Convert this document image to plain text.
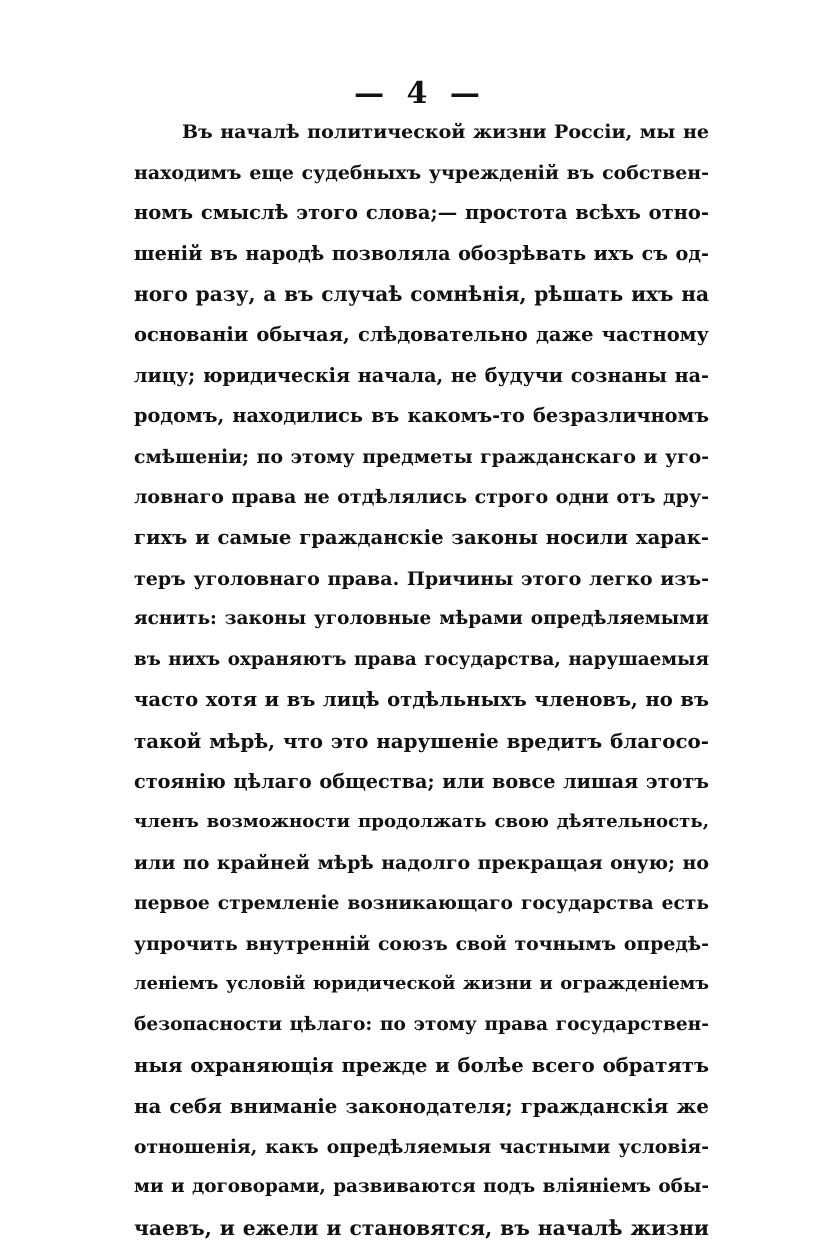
— 4 —
Въ началѣ политической жизни Россіи, мы не
находимъ еще судебныхъ учрежденій въ собствен-
номъ смыслѣ этого слова;— простота всѣхъ отно-
шеній въ народѣ позволяла обозрѣвать ихъ съ од-
ного разу, а въ случаѣ сомнѣнія, рѣшать ихъ на
основаніи обычая, слѣдовательно даже частному
лицу; юридическія начала, не будучи сознаны на-
родомъ, находились въ какомъ-то безразличномъ
смѣшеніи; по этому предметы гражданскаго и уго-
ловнаго права не отдѣлялись строго одни отъ дру-
гихъ и самые гражданскіе законы носили харак-
теръ уголовнаго права. Причины этого легко изъ-
яснить: законы уголовные мѣрами опредѣляемыми
въ нихъ охраняютъ права государства, нарушаемыя
часто хотя и въ лицѣ отдѣльныхъ членовъ, но въ
такой мѣрѣ, что это нарушеніе вредитъ благосо-
стоянію цѣлаго общества; или вовсе лишая этотъ
членъ возможности продолжать свою дѣятельность,
или по крайней мѣрѣ надолго прекращая оную; но
первое стремленіе возникающаго государства есть
упрочить внутренній союзъ свой точнымъ опредѣ-
леніемъ условій юридической жизни и огражденіемъ
безопасности цѣлаго: по этому права государствен-
ныя охраняющія прежде и болѣе всего обратятъ
на себя вниманіе законодателя; гражданскія же
отношенія, какъ опредѣляемыя частными условія-
ми и договорами, развиваются подъ вліяніемъ обы-
чаевъ, и ежели и становятся, въ началѣ жизни
